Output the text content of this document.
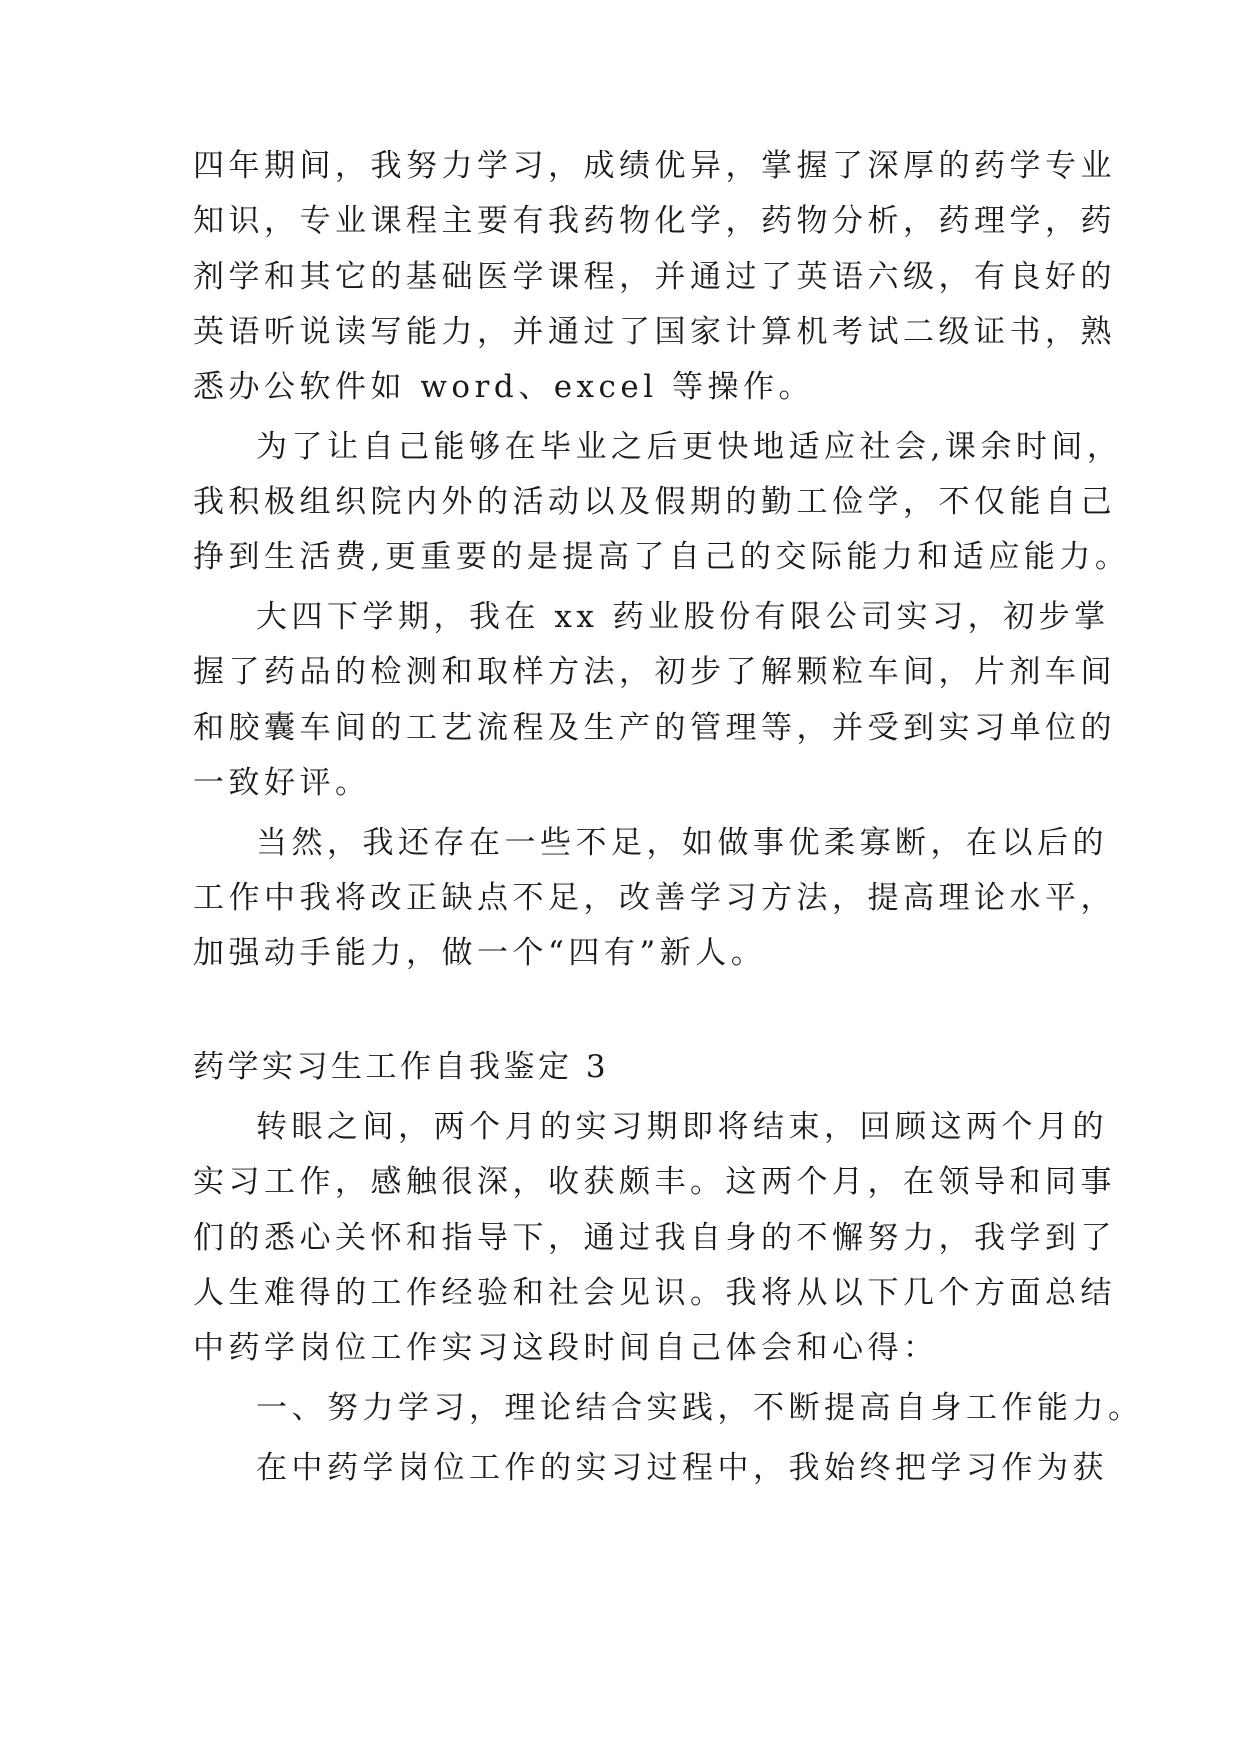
四年期间，我努力学习，成绩优异，掌握了深厚的药学专业

知识，专业课程主要有我药物化学，药物分析，药理学，药

剂学和其它的基础医学课程，并通过了英语六级，有良好的

英语听说读写能力，并通过了国家计算机考试二级证书，熟

悉办公软件如 word、excel 等操作。

为了让自己能够在毕业之后更快地适应社会,课余时间，

我积极组织院内外的活动以及假期的勤工俭学，不仅能自己

挣到生活费,更重要的是提高了自己的交际能力和适应能力。

大四下学期，我在 xx 药业股份有限公司实习，初步掌

握了药品的检测和取样方法，初步了解颗粒车间，片剂车间

和胶囊车间的工艺流程及生产的管理等，并受到实习单位的

一致好评。

当然，我还存在一些不足，如做事优柔寡断，在以后的

工作中我将改正缺点不足，改善学习方法，提高理论水平，

加强动手能力，做一个“四有”新人。

药学实习生工作自我鉴定 3

转眼之间，两个月的实习期即将结束，回顾这两个月的

实习工作，感触很深，收获颇丰。这两个月，在领导和同事

们的悉心关怀和指导下，通过我自身的不懈努力，我学到了

人生难得的工作经验和社会见识。我将从以下几个方面总结

中药学岗位工作实习这段时间自己体会和心得：

一、努力学习，理论结合实践，不断提高自身工作能力。

在中药学岗位工作的实习过程中，我始终把学习作为获
